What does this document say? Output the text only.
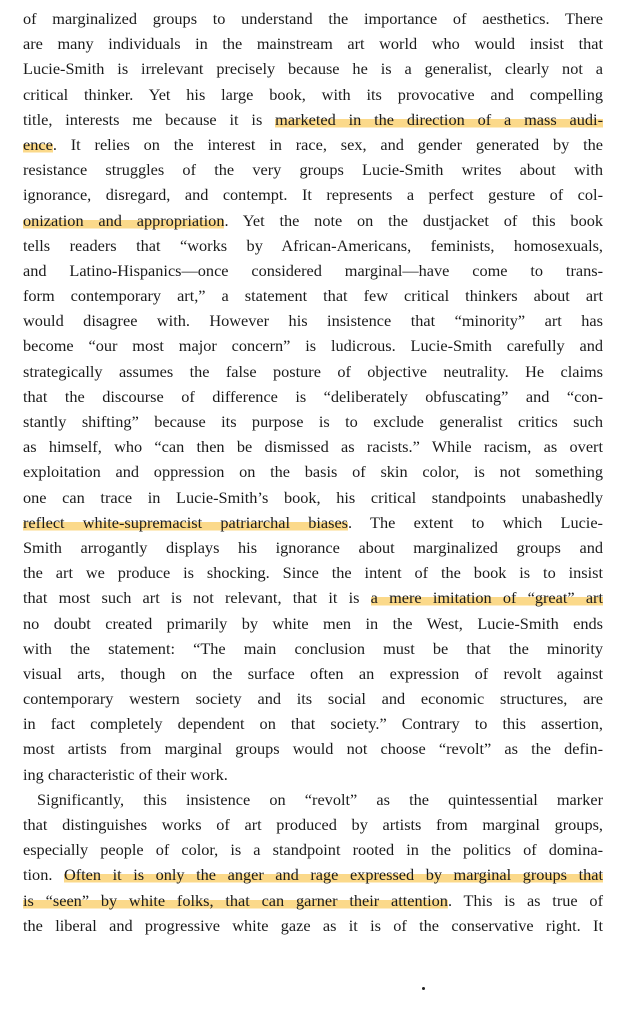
of marginalized groups to understand the importance of aesthetics. There
are many individuals in the mainstream art world who would insist that
Lucie-Smith is irrelevant precisely because he is a generalist, clearly not a
critical thinker. Yet his large book, with its provocative and compelling
title, interests me because it is marketed in the direction of a mass audi-
ence. It relies on the interest in race, sex, and gender generated by the
resistance struggles of the very groups Lucie-Smith writes about with
ignorance, disregard, and contempt. It represents a perfect gesture of col-
onization and appropriation. Yet the note on the dustjacket of this book
tells readers that “works by African-Americans, feminists, homosexuals,
and Latino-Hispanics—once considered marginal—have come to trans-
form contemporary art,” a statement that few critical thinkers about art
would disagree with. However his insistence that “minority” art has
become “our most major concern” is ludicrous. Lucie-Smith carefully and
strategically assumes the false posture of objective neutrality. He claims
that the discourse of difference is “deliberately obfuscating” and “con-
stantly shifting” because its purpose is to exclude generalist critics such
as himself, who “can then be dismissed as racists.” While racism, as overt
exploitation and oppression on the basis of skin color, is not something
one can trace in Lucie-Smith’s book, his critical standpoints unabashedly
reflect white-supremacist patriarchal biases. The extent to which Lucie-
Smith arrogantly displays his ignorance about marginalized groups and
the art we produce is shocking. Since the intent of the book is to insist
that most such art is not relevant, that it is a mere imitation of “great” art
no doubt created primarily by white men in the West, Lucie-Smith ends
with the statement: “The main conclusion must be that the minority
visual arts, though on the surface often an expression of revolt against
contemporary western society and its social and economic structures, are
in fact completely dependent on that society.” Contrary to this assertion,
most artists from marginal groups would not choose “revolt” as the defin-
ing characteristic of their work.
Significantly, this insistence on “revolt” as the quintessential marker
that distinguishes works of art produced by artists from marginal groups,
especially people of color, is a standpoint rooted in the politics of domina-
tion. Often it is only the anger and rage expressed by marginal groups that
is “seen” by white folks, that can garner their attention. This is as true of
the liberal and progressive white gaze as it is of the conservative right. It
